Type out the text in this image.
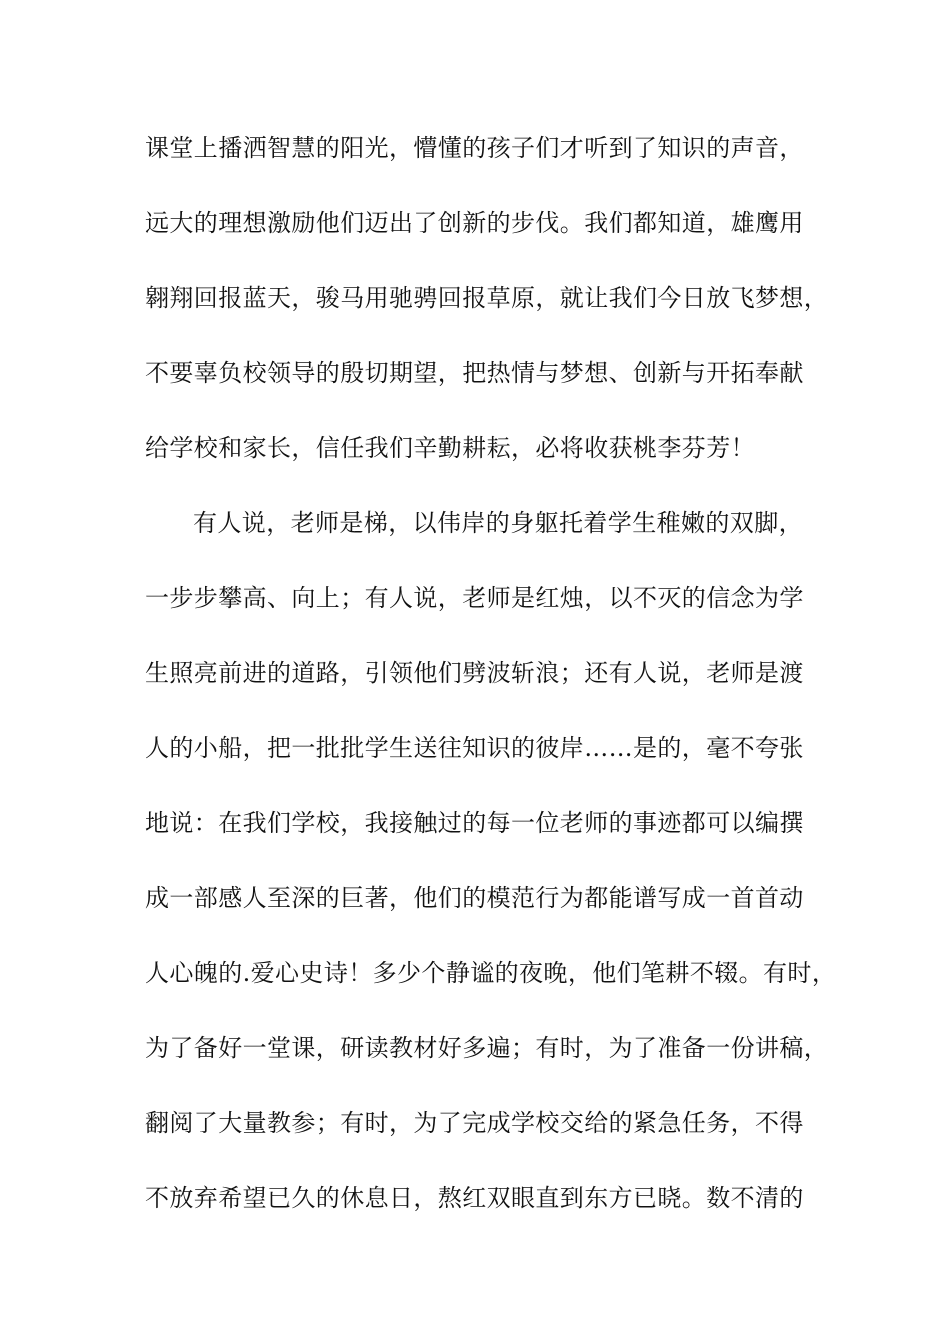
课堂上播洒智慧的阳光，懵懂的孩子们才听到了知识的声音，
远大的理想激励他们迈出了创新的步伐。我们都知道，雄鹰用
翱翔回报蓝天，骏马用驰骋回报草原，就让我们今日放飞梦想，
不要辜负校领导的殷切期望，把热情与梦想、创新与开拓奉献
给学校和家长，信任我们辛勤耕耘，必将收获桃李芬芳！
有人说，老师是梯，以伟岸的身躯托着学生稚嫩的双脚，
一步步攀高、向上；有人说，老师是红烛，以不灭的信念为学
生照亮前进的道路，引领他们劈波斩浪；还有人说，老师是渡
人的小船，把一批批学生送往知识的彼岸……是的，毫不夸张
地说：在我们学校，我接触过的每一位老师的事迹都可以编撰
成一部感人至深的巨著，他们的模范行为都能谱写成一首首动
人心魄的.爱心史诗！多少个静谧的夜晚，他们笔耕不辍。有时，
为了备好一堂课，研读教材好多遍；有时，为了准备一份讲稿，
翻阅了大量教参；有时，为了完成学校交给的紧急任务，不得
不放弃希望已久的休息日，熬红双眼直到东方已晓。数不清的
